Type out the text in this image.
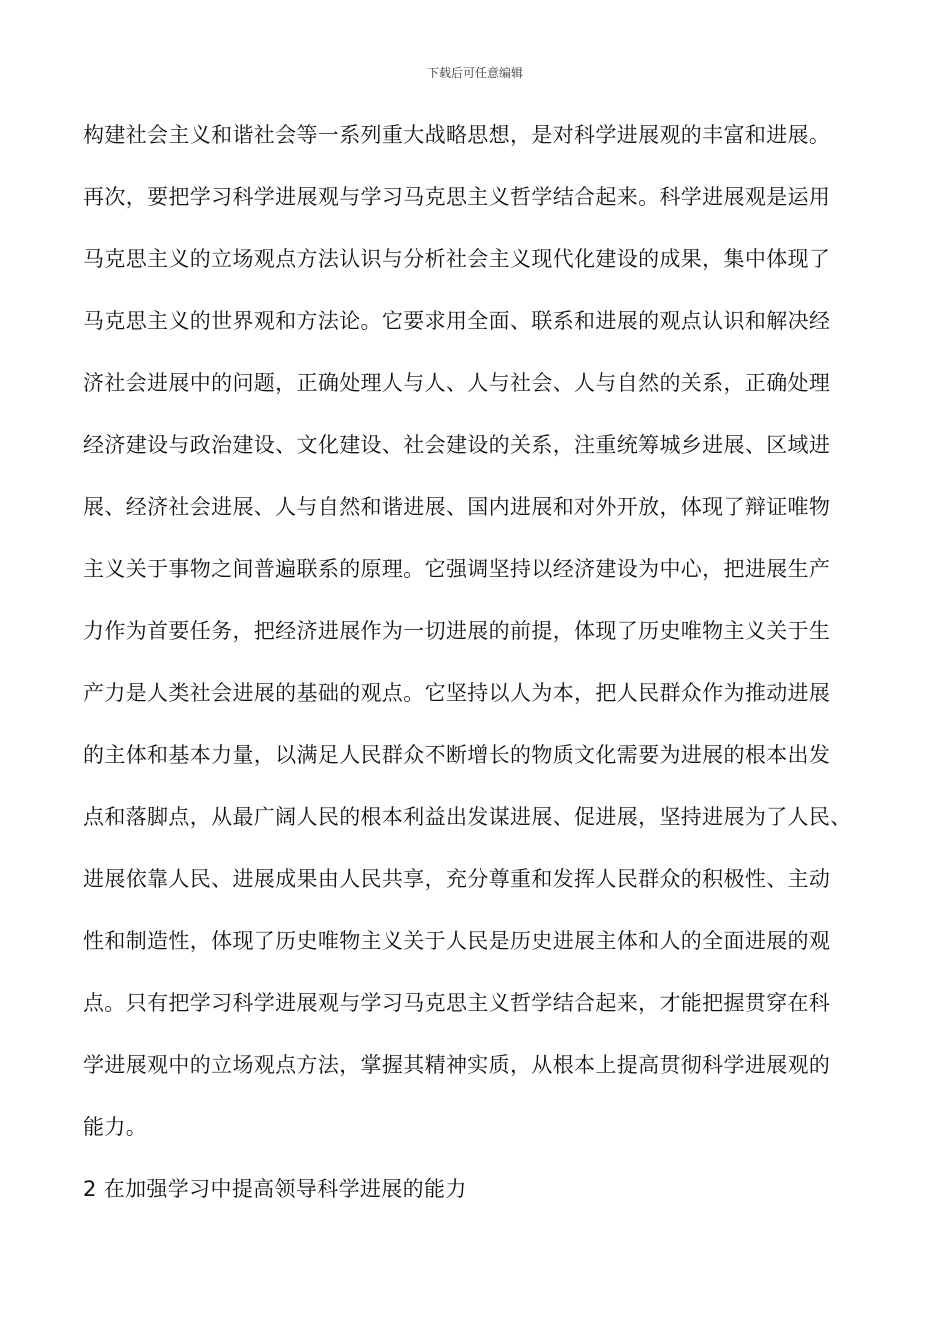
下载后可任意编辑

构建社会主义和谐社会等一系列重大战略思想，是对科学进展观的丰富和进展。

再次，要把学习科学进展观与学习马克思主义哲学结合起来。科学进展观是运用

马克思主义的立场观点方法认识与分析社会主义现代化建设的成果，集中体现了

马克思主义的世界观和方法论。它要求用全面、联系和进展的观点认识和解决经

济社会进展中的问题，正确处理人与人、人与社会、人与自然的关系，正确处理

经济建设与政治建设、文化建设、社会建设的关系，注重统筹城乡进展、区域进

展、经济社会进展、人与自然和谐进展、国内进展和对外开放，体现了辩证唯物

主义关于事物之间普遍联系的原理。它强调坚持以经济建设为中心，把进展生产

力作为首要任务，把经济进展作为一切进展的前提，体现了历史唯物主义关于生

产力是人类社会进展的基础的观点。它坚持以人为本，把人民群众作为推动进展

的主体和基本力量，以满足人民群众不断增长的物质文化需要为进展的根本出发

点和落脚点，从最广阔人民的根本利益出发谋进展、促进展，坚持进展为了人民、

进展依靠人民、进展成果由人民共享，充分尊重和发挥人民群众的积极性、主动

性和制造性，体现了历史唯物主义关于人民是历史进展主体和人的全面进展的观

点。只有把学习科学进展观与学习马克思主义哲学结合起来，才能把握贯穿在科

学进展观中的立场观点方法，掌握其精神实质，从根本上提高贯彻科学进展观的

能力。

2 在加强学习中提高领导科学进展的能力
